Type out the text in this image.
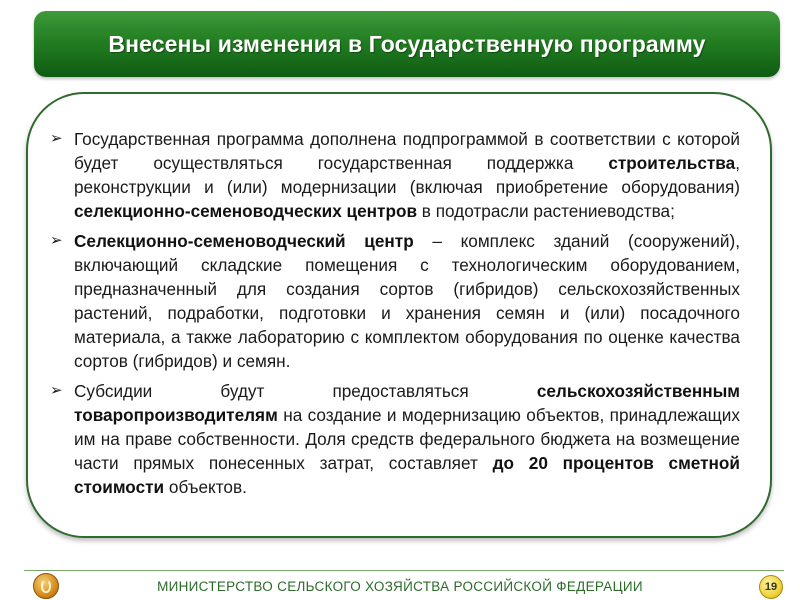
Внесены изменения в Государственную программу
➢ Государственная программа дополнена подпрограммой в соответствии с которой будет осуществляться государственная поддержка строительства, реконструкции и (или) модернизации (включая приобретение оборудования) селекционно-семеноводческих центров в подотрасли растениеводства;
➢ Селекционно-семеноводческий центр – комплекс зданий (сооружений), включающий складские помещения с технологическим оборудованием, предназначенный для создания сортов (гибридов) сельскохозяйственных растений, подработки, подготовки и хранения семян и (или) посадочного материала, а также лабораторию с комплектом оборудования по оценке качества сортов (гибридов) и семян.
➢ Субсидии будут предоставляться сельскохозяйственным товаропроизводителям на создание и модернизацию объектов, принадлежащих им на праве собственности. Доля средств федерального бюджета на возмещение части прямых понесенных затрат, составляет до 20 процентов сметной стоимости объектов.
МИНИСТЕРСТВО СЕЛЬСКОГО ХОЗЯЙСТВА РОССИЙСКОЙ ФЕДЕРАЦИИ	19
